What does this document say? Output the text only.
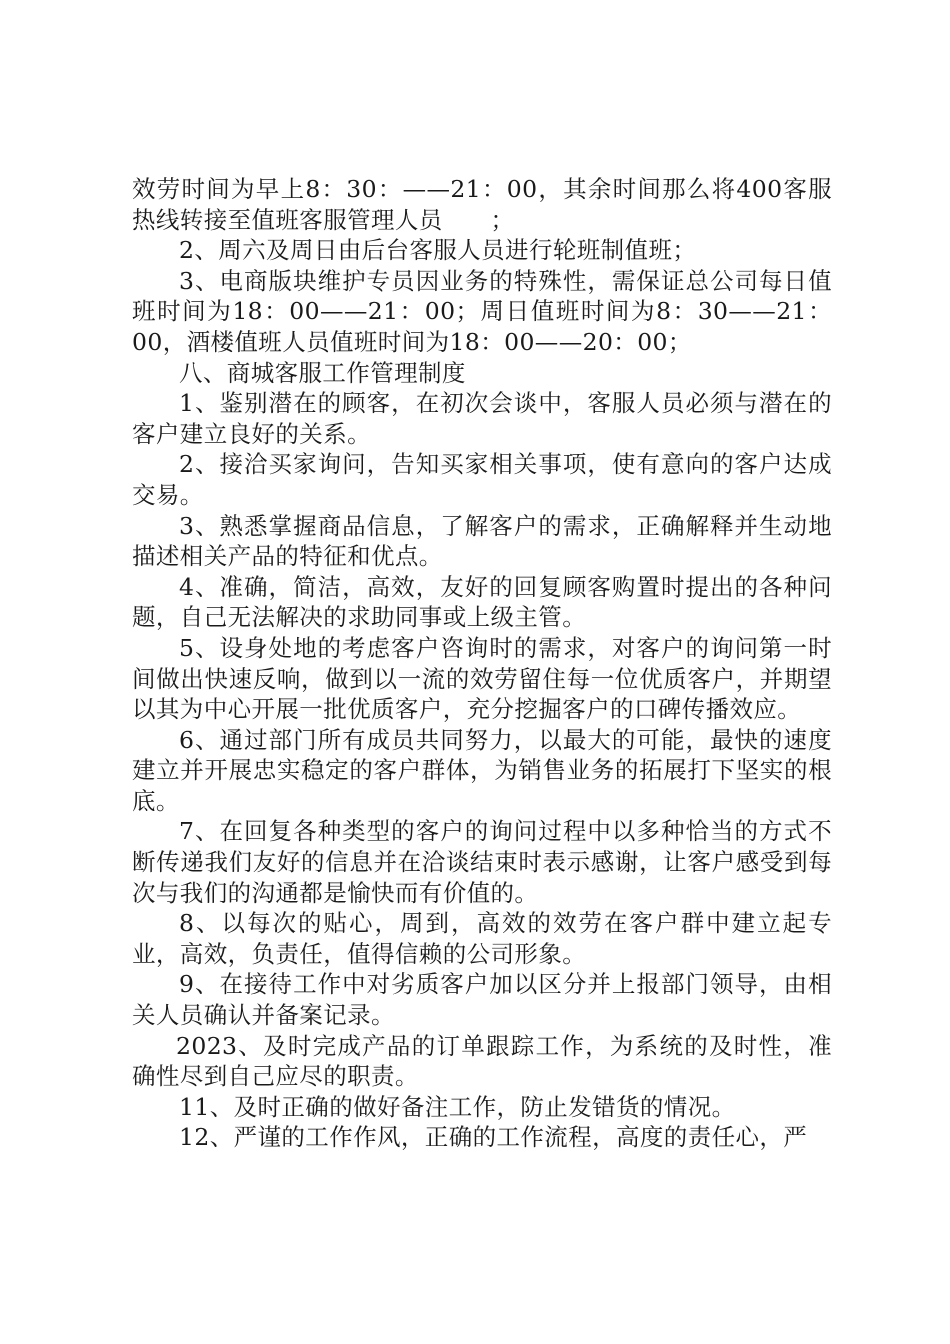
效劳时间为早上8：30：——21：00，其余时间那么将400客服热线转接至值班客服管理人员　　；

2、周六及周日由后台客服人员进行轮班制值班；

3、电商版块维护专员因业务的特殊性，需保证总公司每日值班时间为18：00——21：00；周日值班时间为8：30——21：00，酒楼值班人员值班时间为18：00——20：00；

八、商城客服工作管理制度

1、鉴别潜在的顾客，在初次会谈中，客服人员必须与潜在的客户建立良好的关系。

2、接洽买家询问，告知买家相关事项，使有意向的客户达成交易。

3、熟悉掌握商品信息，了解客户的需求，正确解释并生动地描述相关产品的特征和优点。

4、准确，简洁，高效，友好的回复顾客购置时提出的各种问题，自己无法解决的求助同事或上级主管。

5、设身处地的考虑客户咨询时的需求，对客户的询问第一时间做出快速反响，做到以一流的效劳留住每一位优质客户，并期望以其为中心开展一批优质客户，充分挖掘客户的口碑传播效应。

6、通过部门所有成员共同努力，以最大的可能，最快的速度建立并开展忠实稳定的客户群体，为销售业务的拓展打下坚实的根底。

7、在回复各种类型的客户的询问过程中以多种恰当的方式不断传递我们友好的信息并在洽谈结束时表示感谢，让客户感受到每次与我们的沟通都是愉快而有价值的。

8、以每次的贴心，周到，高效的效劳在客户群中建立起专业，高效，负责任，值得信赖的公司形象。

9、在接待工作中对劣质客户加以区分并上报部门领导，由相关人员确认并备案记录。

2023、及时完成产品的订单跟踪工作，为系统的及时性，准确性尽到自己应尽的职责。

11、及时正确的做好备注工作，防止发错货的情况。

12、严谨的工作作风，正确的工作流程，高度的责任心，严
